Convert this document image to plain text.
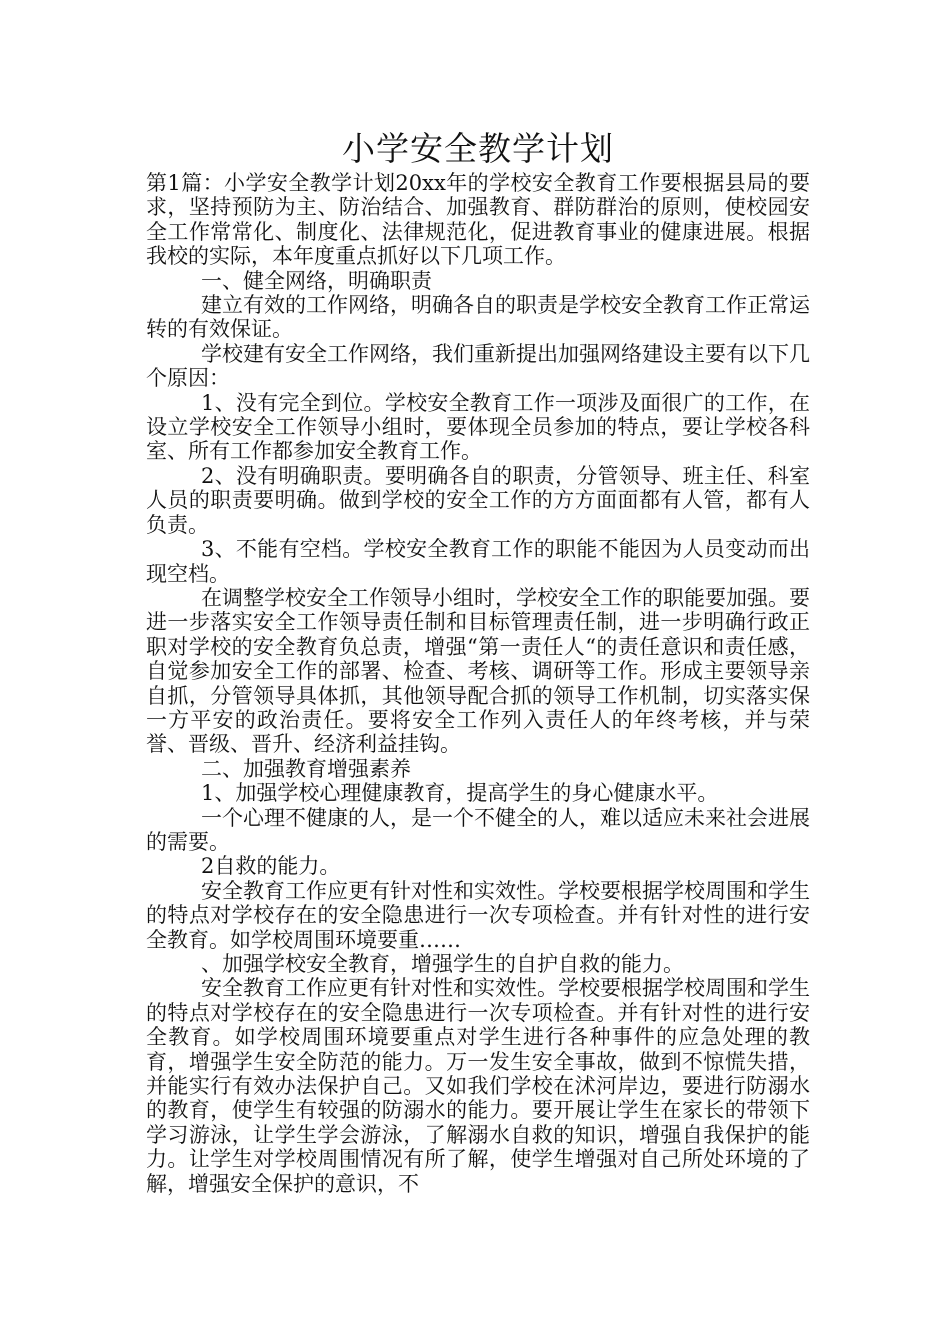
小学安全教学计划

第1篇：小学安全教学计划20xx年的学校安全教育工作要根据县局的要求，坚持预防为主、防治结合、加强教育、群防群治的原则，使校园安全工作常常化、制度化、法律规范化，促进教育事业的健康进展。根据我校的实际，本年度重点抓好以下几项工作。

一、健全网络，明确职责

建立有效的工作网络，明确各自的职责是学校安全教育工作正常运转的有效保证。

学校建有安全工作网络，我们重新提出加强网络建设主要有以下几个原因：

1、没有完全到位。学校安全教育工作一项涉及面很广的工作，在设立学校安全工作领导小组时，要体现全员参加的特点，要让学校各科室、所有工作都参加安全教育工作。

2、没有明确职责。要明确各自的职责，分管领导、班主任、科室人员的职责要明确。做到学校的安全工作的方方面面都有人管，都有人负责。

3、不能有空档。学校安全教育工作的职能不能因为人员变动而出现空档。

在调整学校安全工作领导小组时，学校安全工作的职能要加强。要进一步落实安全工作领导责任制和目标管理责任制，进一步明确行政正职对学校的安全教育负总责，增强“第一责任人“的责任意识和责任感，自觉参加安全工作的部署、检查、考核、调研等工作。形成主要领导亲自抓，分管领导具体抓，其他领导配合抓的领导工作机制，切实落实保一方平安的政治责任。要将安全工作列入责任人的年终考核，并与荣誉、晋级、晋升、经济利益挂钩。

二、加强教育增强素养

1、加强学校心理健康教育，提高学生的身心健康水平。

一个心理不健康的人，是一个不健全的人，难以适应未来社会进展的需要。

2自救的能力。

安全教育工作应更有针对性和实效性。学校要根据学校周围和学生的特点对学校存在的安全隐患进行一次专项检查。并有针对性的进行安全教育。如学校周围环境要重……

、加强学校安全教育，增强学生的自护自救的能力。

安全教育工作应更有针对性和实效性。学校要根据学校周围和学生的特点对学校存在的安全隐患进行一次专项检查。并有针对性的进行安全教育。如学校周围环境要重点对学生进行各种事件的应急处理的教育，增强学生安全防范的能力。万一发生安全事故，做到不惊慌失措，并能实行有效办法保护自己。又如我们学校在沭河岸边，要进行防溺水的教育，使学生有较强的防溺水的能力。要开展让学生在家长的带领下学习游泳，让学生学会游泳，了解溺水自救的知识，增强自我保护的能力。让学生对学校周围情况有所了解，使学生增强对自己所处环境的了解，增强安全保护的意识，不
